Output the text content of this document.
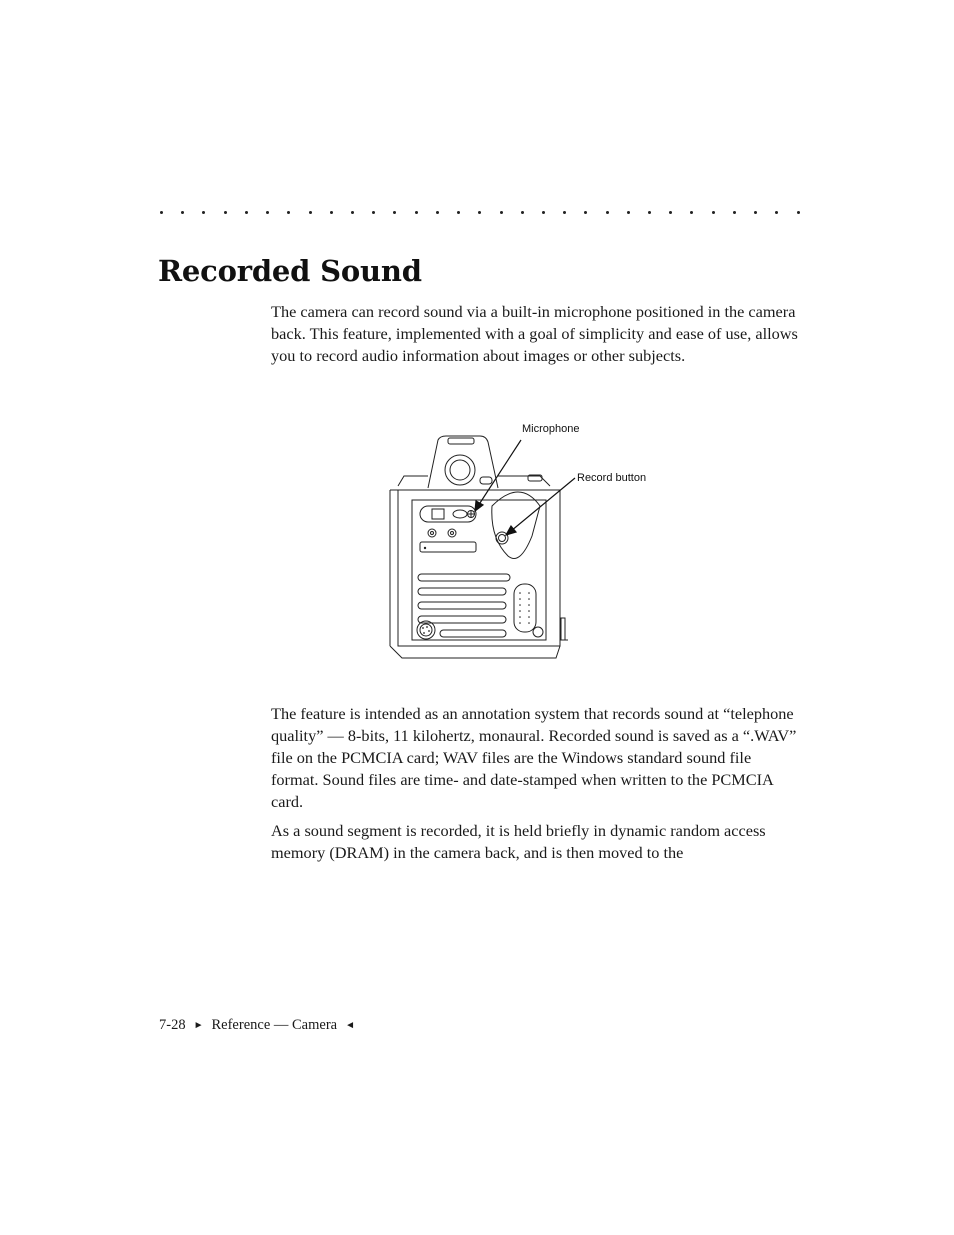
Recorded Sound

The camera can record sound via a built-in microphone positioned in the camera back. This feature, implemented with a goal of simplicity and ease of use, allows you to record audio information about images or other subjects.

Microphone
Record button

The feature is intended as an annotation system that records sound at “telephone quality” — 8-bits, 11 kilohertz, monaural. Recorded sound is saved as a “.WAV” file on the PCMCIA card; WAV files are the Windows standard sound file format. Sound files are time- and date-stamped when written to the PCMCIA card.

As a sound segment is recorded, it is held briefly in dynamic random access memory (DRAM) in the camera back, and is then moved to the

7-28 ► Reference — Camera ◄
